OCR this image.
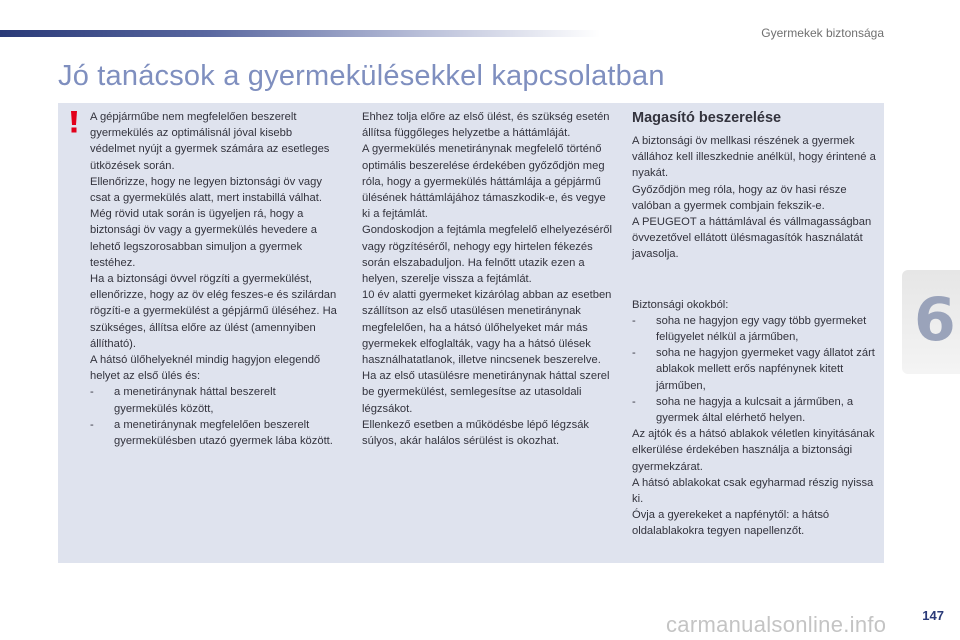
Gyermekek biztonsága
Jó tanácsok a gyermekülésekkel kapcsolatban

A gépjárműbe nem megfelelően beszerelt gyermekülés az optimálisnál jóval kisebb védelmet nyújt a gyermek számára az esetleges ütközések során.

Ellenőrizze, hogy ne legyen biztonsági öv vagy csat a gyermekülés alatt, mert instabillá válhat.

Még rövid utak során is ügyeljen rá, hogy a biztonsági öv vagy a gyermekülés hevedere a lehető legszorosabban simuljon a gyermek testéhez.

Ha a biztonsági övvel rögzíti a gyermekülést, ellenőrizze, hogy az öv elég feszes-e és szilárdan rögzíti-e a gyermekülést a gépjármű üléséhez. Ha szükséges, állítsa előre az ülést (amennyiben állítható).

A hátsó ülőhelyeknél mindig hagyjon elegendő helyet az első ülés és:

-	a menetiránynak háttal beszerelt gyermekülés között,
-	a menetiránynak megfelelően beszerelt gyermekülésben utazó gyermek lába között.

Ehhez tolja előre az első ülést, és szükség esetén állítsa függőleges helyzetbe a háttámláját.

A gyermekülés menetiránynak megfelelő történő optimális beszerelése érdekében győződjön meg róla, hogy a gyermekülés háttámlája a gépjármű ülésének háttámlájához támaszkodik-e, és vegye ki a fejtámlát.

Gondoskodjon a fejtámla megfelelő elhelyezéséről vagy rögzítéséről, nehogy egy hirtelen fékezés során elszabaduljon. Ha felnőtt utazik ezen a helyen, szerelje vissza a fejtámlát.

10 év alatti gyermeket kizárólag abban az esetben szállítson az első utasülésen menetiránynak megfelelően, ha a hátsó ülőhelyeket már más gyermekek elfoglalták, vagy ha a hátsó ülések használhatatlanok, illetve nincsenek beszerelve.

Ha az első utasülésre menetiránynak háttal szerel be gyermekülést, semlegesítse az utasoldali légzsákot.

Ellenkező esetben a működésbe lépő légzsák súlyos, akár halálos sérülést is okozhat.

Magasító beszerelése

A biztonsági öv mellkasi részének a gyermek vállához kell illeszkednie anélkül, hogy érintené a nyakát.

Győződjön meg róla, hogy az öv hasi része valóban a gyermek combjain fekszik-e.

A PEUGEOT a háttámlával és vállmagasságban övvezetővel ellátott ülésmagasítók használatát javasolja.

Biztonsági okokból:

-	soha ne hagyjon egy vagy több gyermeket felügyelet nélkül a járműben,
-	soha ne hagyjon gyermeket vagy állatot zárt ablakok mellett erős napfénynek kitett járműben,
-	soha ne hagyja a kulcsait a járműben, a gyermek által elérhető helyen.

Az ajtók és a hátsó ablakok véletlen kinyitásának elkerülése érdekében használja a biztonsági gyermekzárat.

A hátsó ablakokat csak egyharmad részig nyissa ki.

Óvja a gyerekeket a napfénytől: a hátsó oldalablakokra tegyen napellenzőt.

6
carmanualsonline.info	147
